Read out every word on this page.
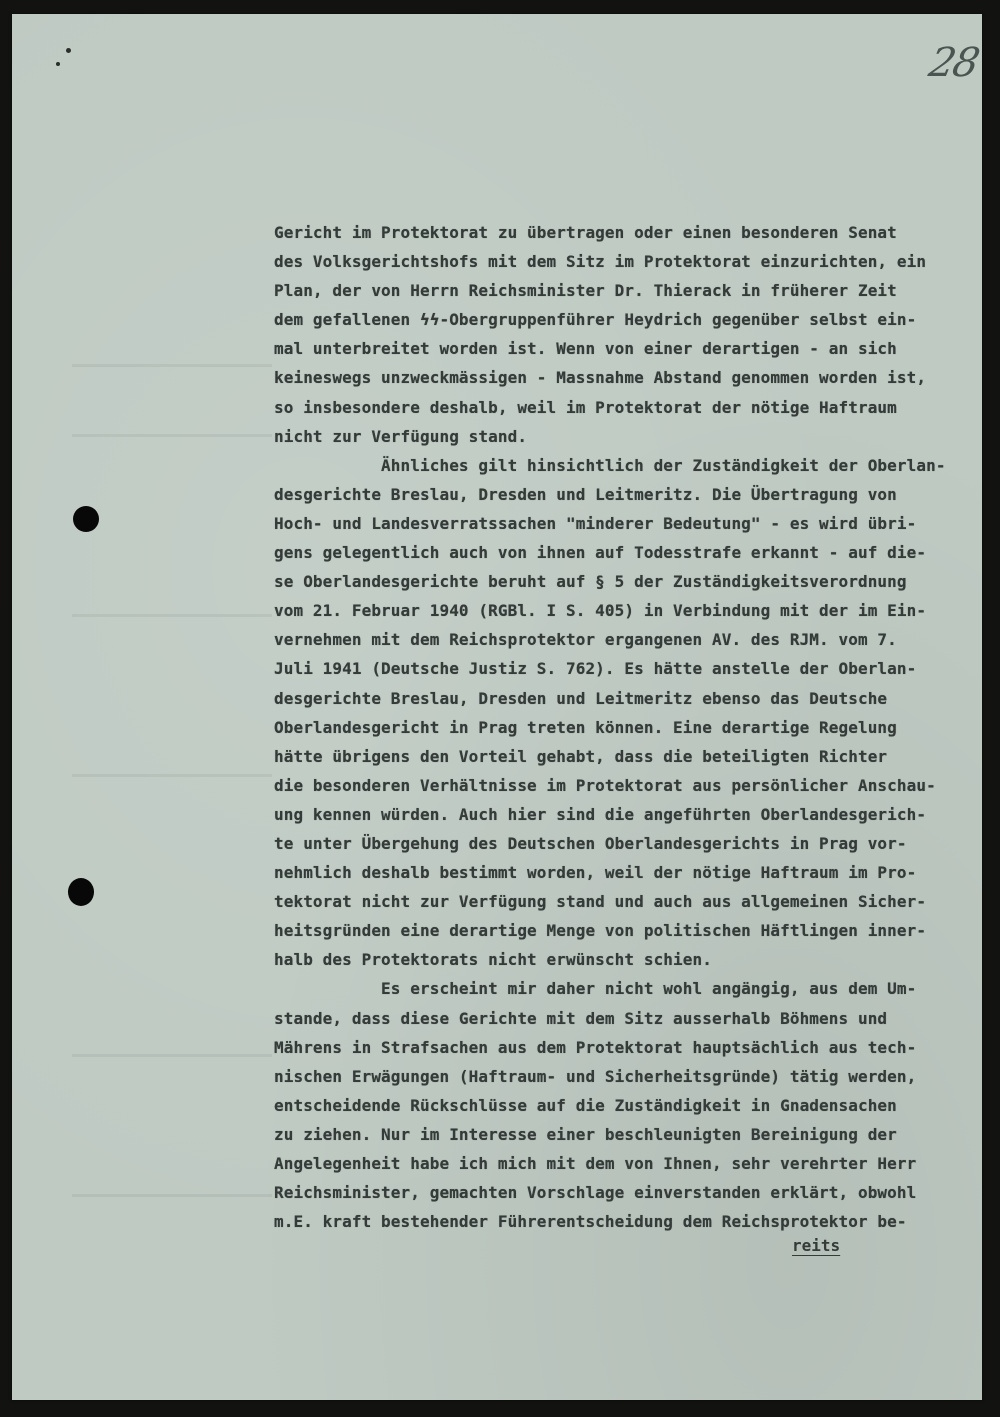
28
Gericht im Protektorat zu übertragen oder einen besonderen Senat
des Volksgerichtshofs mit dem Sitz im Protektorat einzurichten, ein
Plan, der von Herrn Reichsminister Dr. Thierack in früherer Zeit
dem gefallenen ϟϟ-Obergruppenführer Heydrich gegenüber selbst ein-
mal unterbreitet worden ist. Wenn von einer derartigen - an sich
keineswegs unzweckmässigen - Massnahme Abstand genommen worden ist,
so insbesondere deshalb, weil im Protektorat der nötige Haftraum
nicht zur Verfügung stand.
Ähnliches gilt hinsichtlich der Zuständigkeit der Oberlan-
desgerichte Breslau, Dresden und Leitmeritz. Die Übertragung von
Hoch- und Landesverratssachen "minderer Bedeutung" - es wird übri-
gens gelegentlich auch von ihnen auf Todesstrafe erkannt - auf die-
se Oberlandesgerichte beruht auf § 5 der Zuständigkeitsverordnung
vom 21. Februar 1940 (RGBl. I S. 405) in Verbindung mit der im Ein-
vernehmen mit dem Reichsprotektor ergangenen AV. des RJM. vom 7.
Juli 1941 (Deutsche Justiz S. 762). Es hätte anstelle der Oberlan-
desgerichte Breslau, Dresden und Leitmeritz ebenso das Deutsche
Oberlandesgericht in Prag treten können. Eine derartige Regelung
hätte übrigens den Vorteil gehabt, dass die beteiligten Richter
die besonderen Verhältnisse im Protektorat aus persönlicher Anschau-
ung kennen würden. Auch hier sind die angeführten Oberlandesgerich-
te unter Übergehung des Deutschen Oberlandesgerichts in Prag vor-
nehmlich deshalb bestimmt worden, weil der nötige Haftraum im Pro-
tektorat nicht zur Verfügung stand und auch aus allgemeinen Sicher-
heitsgründen eine derartige Menge von politischen Häftlingen inner-
halb des Protektorats nicht erwünscht schien.
Es erscheint mir daher nicht wohl angängig, aus dem Um-
stande, dass diese Gerichte mit dem Sitz ausserhalb Böhmens und
Mährens in Strafsachen aus dem Protektorat hauptsächlich aus tech-
nischen Erwägungen (Haftraum- und Sicherheitsgründe) tätig werden,
entscheidende Rückschlüsse auf die Zuständigkeit in Gnadensachen
zu ziehen. Nur im Interesse einer beschleunigten Bereinigung der
Angelegenheit habe ich mich mit dem von Ihnen, sehr verehrter Herr
Reichsminister, gemachten Vorschlage einverstanden erklärt, obwohl
m.E. kraft bestehender Führerentscheidung dem Reichsprotektor be-
reits
